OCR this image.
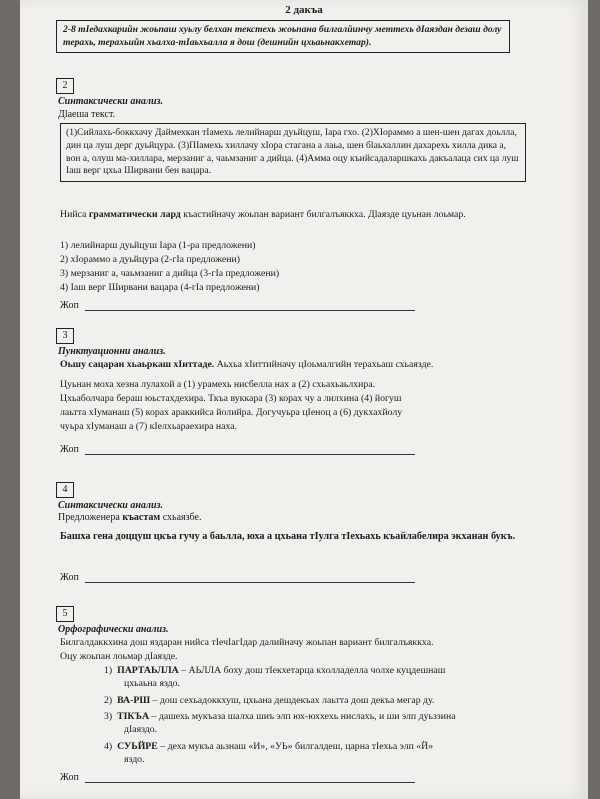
2 дакъа
2-8 тIедахкарийн жоьпаш хуьлу белхан текстехь жоьпана билгалйинчу меттехь дIаяздан дезаш долу терахь, терахьийн хьалха-тIаьхьалла я дош (дешнийн цхьаьнакхетар).
2
Синтаксически анализ.
Дlаеша текст.
(1)Сийлахь-боккхачу Даймехкан тIамехь лелийнарш дуьйцуш, Iара гхо. (2)ХIораммо а шен-шен дагах доьлла, дин ца луш дерг дуьйцура. (3)ПIамехь хиллачу хIора стагана а лаьа, шен бlаьхаллин дахарехь хилла дика а, вон а, олуш ма-хиллара, мерзаниг а, чаьмзаниг а дийца. (4)Амма оцу къийсадаларшкахь дакъалаца сих ца луш Iаш верг цхьа Ширвани бен вацара.
Нийса грамматически лард къастийначу жоьпан вариант билгалъяккха. Дlаяздe цуьнан лоьмар.
1) лелийнарш дуьйцуш Iара (1-ра предложени)
2) хIораммо а дуьйцура (2-гIа предложени)
3) мерзаниг а, чаьмзаниг а дийца (3-гIа предложени)
4) Iаш верг Ширвани вацара (4-гIа предложени)
Жоп
3
Пунктуационни анализ.
Оьшу сацаран хьаьркаш хIиттаде. Аьхьа хIиттийначу цIоьмалгийн терахьаш схьаязде.
Цуьнан моха хезна лулахой а (1) урамехь нисбелла нах а (2) схьахьаьлхира.
Цхьаболчара бераш юьстахдехира. Ткъа вуккара (3) корах чу а лилхина (4) йогуш
лаьтта хIуманаш (5) корах араккийса йолийра. Догучуьра цIеноц а (6) дукхахйолу
чуьра хIуманаш а (7) кIелхьараехира наха.
Жоп
4
Синтаксически анализ.
Предложенера къастам схьаязбе.
Башха гена доццуш цкъа гучу а баьлла, юха а цхьана тIулга тIехьахь къайлабелира экханан букъ.
Жоп
5
Орфографически анализ.
Билгалдаккхина дош яздаран нийса тIечIагIдар далийначу жоьпан вариант билгалъяккха.
Оцу жоьпан лоьмар дIаязде.
1) ПАРТАЬЛЛА – АЬЛЛА боху дош тIекхетарца кхолладелла чолхе куцдешнаш
цхьаьна яздо.
2) ВА-РШ – дош сехьадоккхуш, цхьана дешдекъах лаьтта дош декъа мегар ду.
3) ТIКЪА – дашехь мукъаза шалха шиъ элп юх-юххехь нислахь, и ши элп дуьззина
дIаяздо.
4) СУЬЙРЕ – деха мукъа аьзнаш «И», «УЬ» билгалдеш, царна тIехьа элп «Й»
яздо.
Жоп
